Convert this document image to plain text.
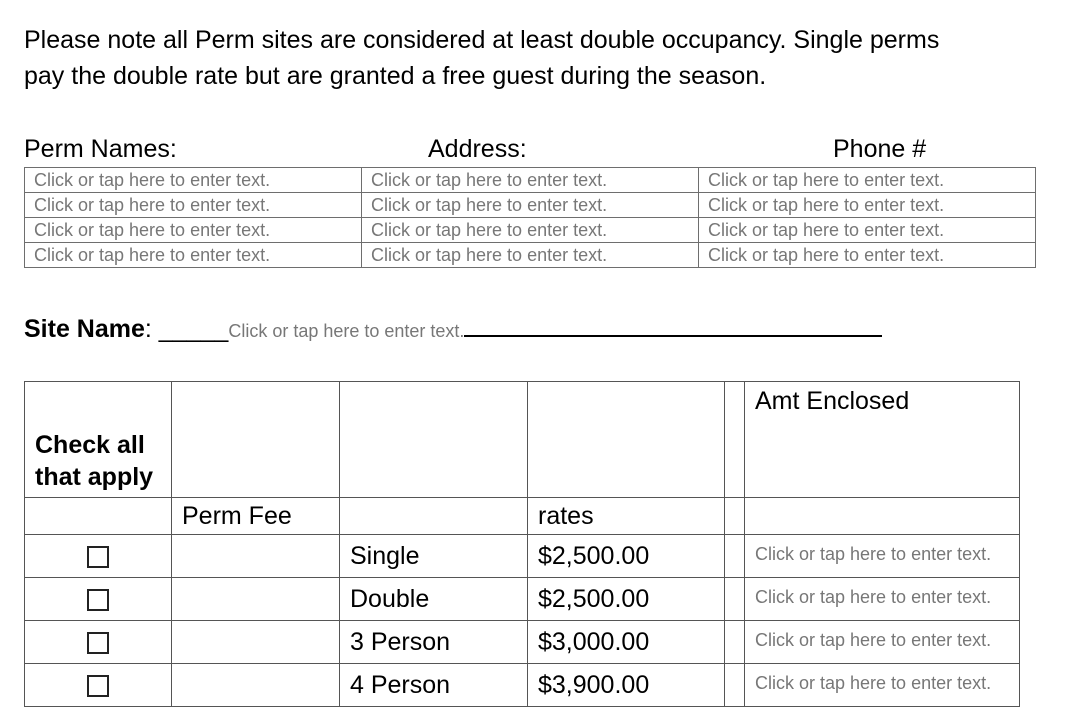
Please note all Perm sites are considered at least double occupancy. Single perms
pay the double rate but are granted a free guest during the season.

Perm Names:	Address:	Phone #
Click or tap here to enter text.	Click or tap here to enter text.	Click or tap here to enter text.
Click or tap here to enter text.	Click or tap here to enter text.	Click or tap here to enter text.
Click or tap here to enter text.	Click or tap here to enter text.	Click or tap here to enter text.
Click or tap here to enter text.	Click or tap here to enter text.	Click or tap here to enter text.
Site Name: _____Click or tap here to enter text.
Check all
that apply					Amt Enclosed
	Perm Fee		rates		
		Single	$2,500.00		Click or tap here to enter text.
		Double	$2,500.00		Click or tap here to enter text.
		3 Person	$3,000.00		Click or tap here to enter text.
		4 Person	$3,900.00		Click or tap here to enter text.
